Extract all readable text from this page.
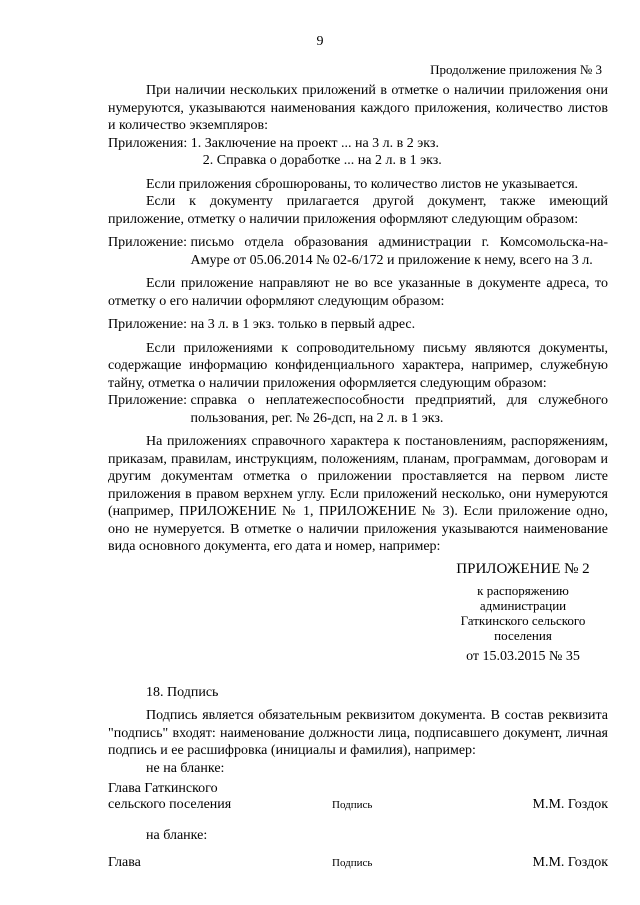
9
Продолжение приложения № 3

При наличии нескольких приложений в отметке о наличии приложения они нумеруются, указываются наименования каждого приложения, количество листов и количество экземпляров:

Приложения: 1. Заключение на проект ... на 3 л. в 2 экз.
2. Справка о доработке ... на 2 л. в 1 экз.

Если приложения сброшюрованы, то количество листов не указывается.

Если к документу прилагается другой документ, также имеющий приложение, отметку о наличии приложения оформляют следующим образом:

Приложение: письмо отдела образования администрации г. Комсомольска-на-Амуре от 05.06.2014 № 02-6/172 и приложение к нему, всего на 3 л.

Если приложение направляют не во все указанные в документе адреса, то отметку о его наличии оформляют следующим образом:

Приложение: на 3 л. в 1 экз. только в первый адрес.

Если приложениями к сопроводительному письму являются документы, содержащие информацию конфиденциального характера, например, служебную тайну, отметка о наличии приложения оформляется следующим образом:

Приложение: справка о неплатежеспособности предприятий, для служебного пользования, рег. № 26-дсп, на 2 л. в 1 экз.

На приложениях справочного характера к постановлениям, распоряжениям, приказам, правилам, инструкциям, положениям, планам, программам, договорам и другим документам отметка о приложении проставляется на первом листе приложения в правом верхнем углу. Если приложений несколько, они нумеруются (например, ПРИЛОЖЕНИЕ № 1, ПРИЛОЖЕНИЕ № 3). Если приложение одно, оно не нумеруется. В отметке о наличии приложения указываются наименование вида основного документа, его дата и номер, например:

ПРИЛОЖЕНИЕ № 2
к распоряжению
администрации
Гаткинского сельского
поселения
от 15.03.2015 № 35

18. Подпись

Подпись является обязательным реквизитом документа. В состав реквизита "подпись" входят: наименование должности лица, подписавшего документ, личная подпись и ее расшифровка (инициалы и фамилия), например:

не на бланке:

Глава Гаткинского
сельского поселения	Подпись	М.М. Гоздок

на бланке:

Глава	Подпись	М.М. Гоздок
